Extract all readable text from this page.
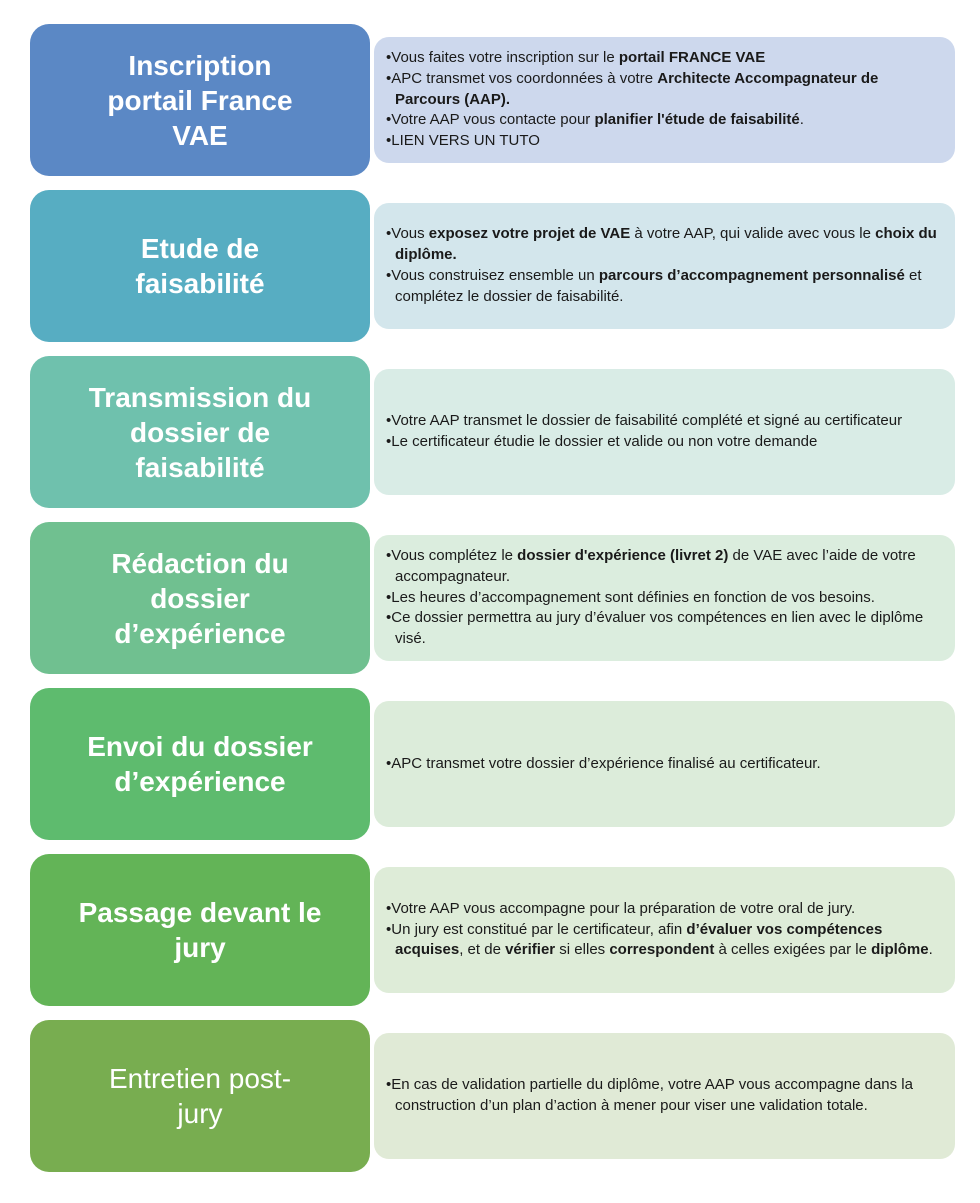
Inscription
portail France
VAE
•Vous faites votre inscription sur le portail FRANCE VAE
•APC transmet vos coordonnées à votre Architecte Accompagnateur de Parcours (AAP).
•Votre AAP vous contacte pour planifier l'étude de faisabilité.
•LIEN VERS UN TUTO
Etude de
faisabilité
•Vous exposez votre projet de VAE à votre AAP, qui valide avec vous le choix du diplôme.
•Vous construisez ensemble un parcours d’accompagnement personnalisé et complétez le dossier de faisabilité.
Transmission du
dossier de
faisabilité
•Votre AAP transmet le dossier de faisabilité complété et signé au certificateur
•Le certificateur étudie le dossier et valide ou non votre demande
Rédaction du
dossier
d’expérience
•Vous complétez le dossier d'expérience (livret 2) de VAE avec l’aide de votre accompagnateur.
•Les heures d’accompagnement sont définies en fonction de vos besoins.
•Ce dossier permettra au jury d’évaluer vos compétences en lien avec le diplôme visé.
Envoi du dossier
d’expérience
•APC transmet votre dossier d’expérience finalisé au certificateur.
Passage devant le
jury
•Votre AAP vous accompagne pour la préparation de votre oral de jury.
•Un jury est constitué par le certificateur, afin d’évaluer vos compétences acquises, et de vérifier si elles correspondent à celles exigées par le diplôme.
Entretien post-
jury
•En cas de validation partielle du diplôme, votre AAP vous accompagne dans la construction d’un plan d’action à mener pour viser une validation totale.
